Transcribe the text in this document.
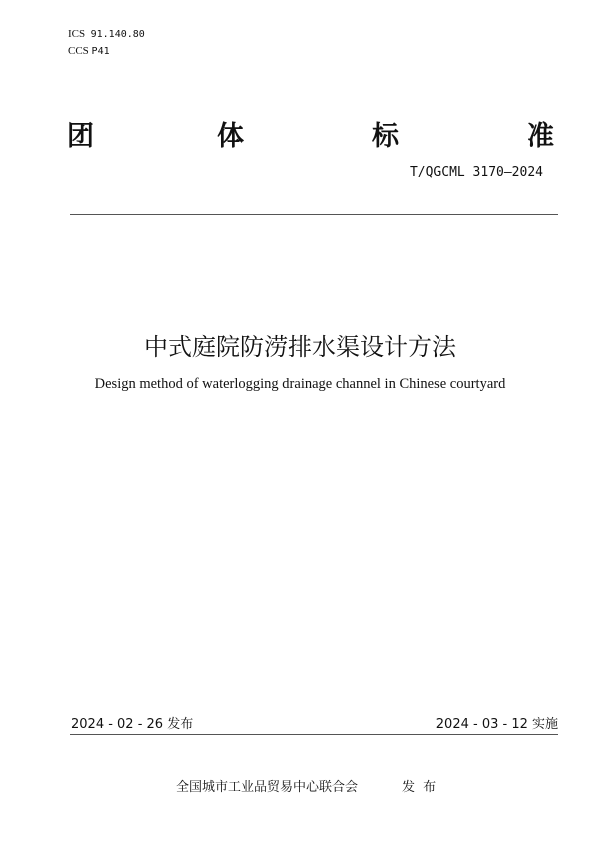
ICS 91.140.80
CCS P41
团	体	标	准
T/QGCML 3170—2024
中式庭院防涝排水渠设计方法
Design method of waterlogging drainage channel in Chinese courtyard
2024 - 02 - 26 发布	2024 - 03 - 12 实施
全国城市工业品贸易中心联合会	发 布
